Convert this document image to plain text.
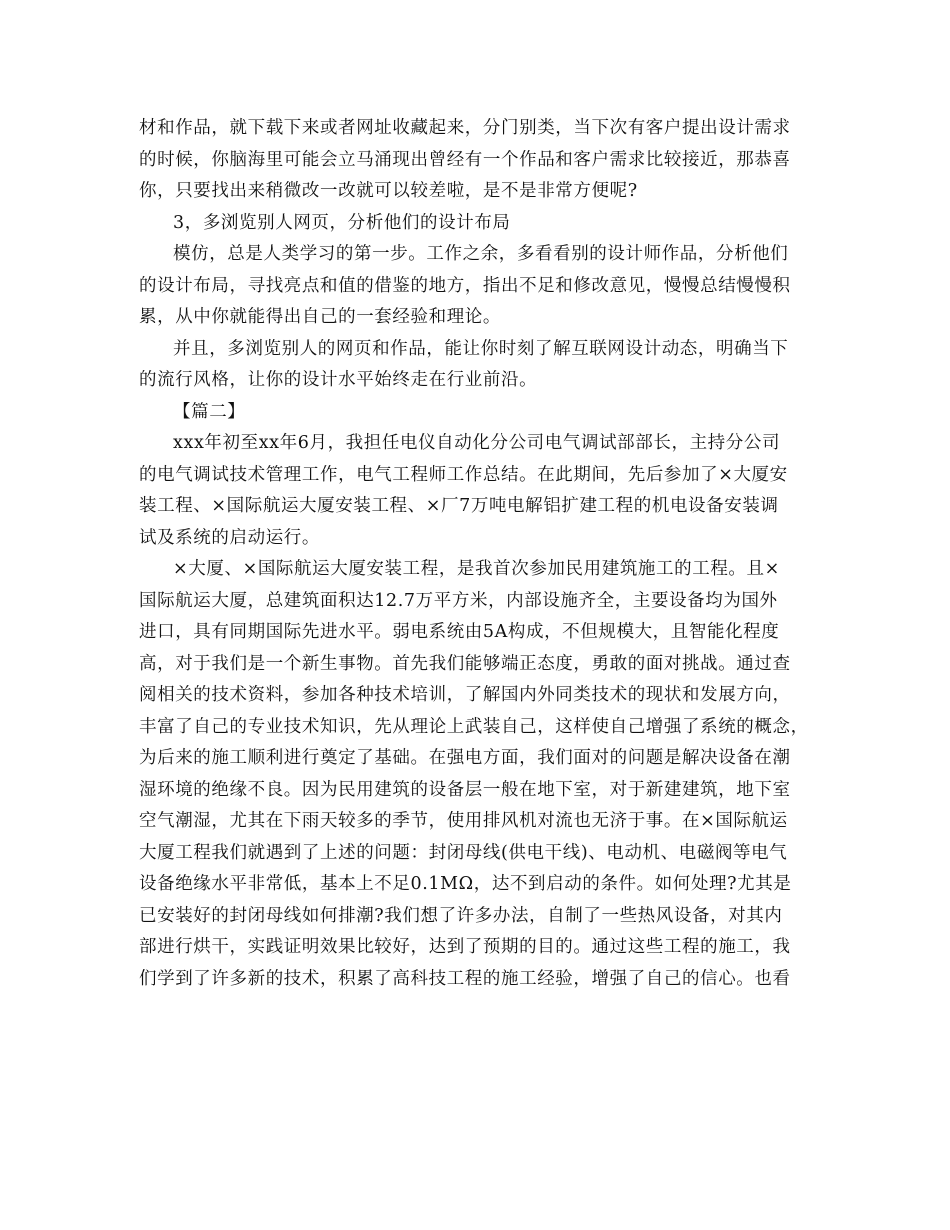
材和作品，就下载下来或者网址收藏起来，分门别类，当下次有客户提出设计需求
的时候，你脑海里可能会立马涌现出曾经有一个作品和客户需求比较接近，那恭喜
你，只要找出来稍微改一改就可以较差啦，是不是非常方便呢?
3，多浏览别人网页，分析他们的设计布局
模仿，总是人类学习的第一步。工作之余，多看看别的设计师作品，分析他们
的设计布局，寻找亮点和值的借鉴的地方，指出不足和修改意见，慢慢总结慢慢积
累，从中你就能得出自己的一套经验和理论。
并且，多浏览别人的网页和作品，能让你时刻了解互联网设计动态，明确当下
的流行风格，让你的设计水平始终走在行业前沿。
【篇二】
xxx年初至xx年6月，我担任电仪自动化分公司电气调试部部长，主持分公司
的电气调试技术管理工作，电气工程师工作总结。在此期间，先后参加了×大厦安
装工程、×国际航运大厦安装工程、×厂7万吨电解铝扩建工程的机电设备安装调
试及系统的启动运行。
×大厦、×国际航运大厦安装工程，是我首次参加民用建筑施工的工程。且×
国际航运大厦，总建筑面积达12.7万平方米，内部设施齐全，主要设备均为国外
进口，具有同期国际先进水平。弱电系统由5A构成，不但规模大，且智能化程度
高，对于我们是一个新生事物。首先我们能够端正态度，勇敢的面对挑战。通过查
阅相关的技术资料，参加各种技术培训，了解国内外同类技术的现状和发展方向，
丰富了自己的专业技术知识，先从理论上武装自己，这样使自己增强了系统的概念，
为后来的施工顺利进行奠定了基础。在强电方面，我们面对的问题是解决设备在潮
湿环境的绝缘不良。因为民用建筑的设备层一般在地下室，对于新建建筑，地下室
空气潮湿，尤其在下雨天较多的季节，使用排风机对流也无济于事。在×国际航运
大厦工程我们就遇到了上述的问题：封闭母线(供电干线)、电动机、电磁阀等电气
设备绝缘水平非常低，基本上不足0.1MΩ，达不到启动的条件。如何处理?尤其是
已安装好的封闭母线如何排潮?我们想了许多办法，自制了一些热风设备，对其内
部进行烘干，实践证明效果比较好，达到了预期的目的。通过这些工程的施工，我
们学到了许多新的技术，积累了高科技工程的施工经验，增强了自己的信心。也看
